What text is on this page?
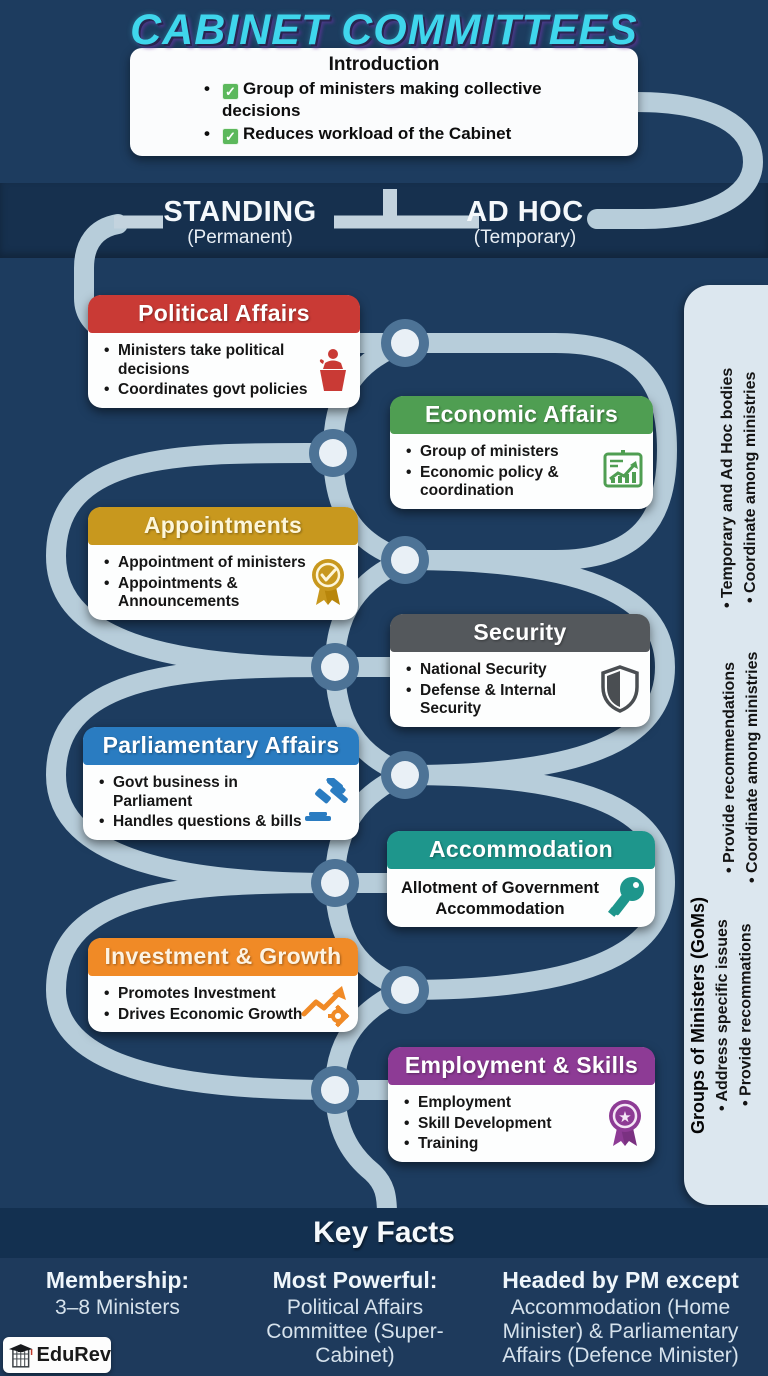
CABINET COMMITTEES
Introduction
• ✓ Group of ministers making collective decisions
• ✓ Reduces workload of the Cabinet
STANDING
(Permanent)
AD HOC
(Temporary)
• Temporary and Ad Hoc bodies • Coordinate among ministries
• Provide recommendations • Coordinate among ministries
Groups of Ministers (GoMs) • Address specific issues • Provide recommations
Political Affairs
• Ministers take political decisions
• Coordinates govt policies
Economic Affairs
• Group of ministers
• Economic policy & coordination
Appointments
• Appointment of ministers
• Appointments & Announcements
Security
• National Security
• Defense & Internal Security
Parliamentary Affairs
• Govt business in Parliament
• Handles questions & bills
Accommodation
Allotment of Government Accommodation
Investment & Growth
• Promotes Investment
• Drives Economic Growth
Employment & Skills
• Employment
• Skill Development
• Training
★
Key Facts
Membership:
3–8 Ministers
Most Powerful:
Political Affairs Committee (Super-Cabinet)
Headed by PM except
Accommodation (Home Minister) & Parliamentary Affairs (Defence Minister)
EduRev
